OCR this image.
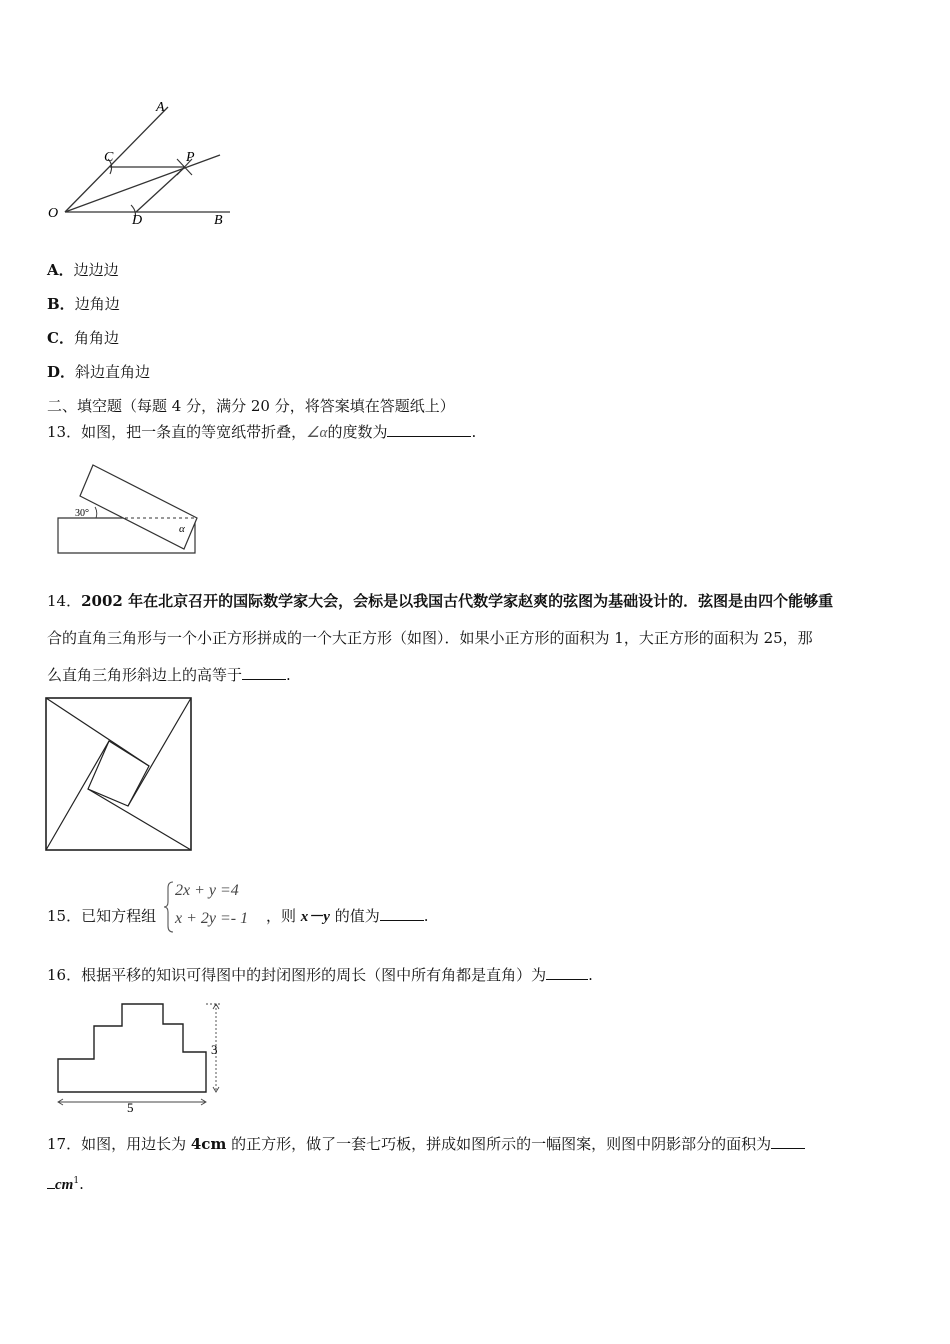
A
C	P
O	D	B
A．边边边
B．边角边
C．角角边
D．斜边直角边
二、填空题（每题 4 分，满分 20 分，将答案填在答题纸上）
13．如图，把一条直的等宽纸带折叠，∠α的度数为	.
30°
α
14．2002 年在北京召开的国际数学家大会，会标是以我国古代数学家赵爽的弦图为基础设计的．弦图是由四个能够重
合的直角三角形与一个小正方形拼成的一个大正方形（如图）．如果小正方形的面积为 1，大正方形的面积为 25，那
么直角三角形斜边上的高等于	.
15．已知方程组
2x + y =4
x + 2y =- 1 ，则 x－y 的值为	.
16．根据平移的知识可得图中的封闭图形的周长（图中所有角都是直角）为	.
3
5
17．如图，用边长为 4cm 的正方形，做了一套七巧板，拼成如图所示的一幅图案，则图中阴影部分的面积为
$cm^1$.
